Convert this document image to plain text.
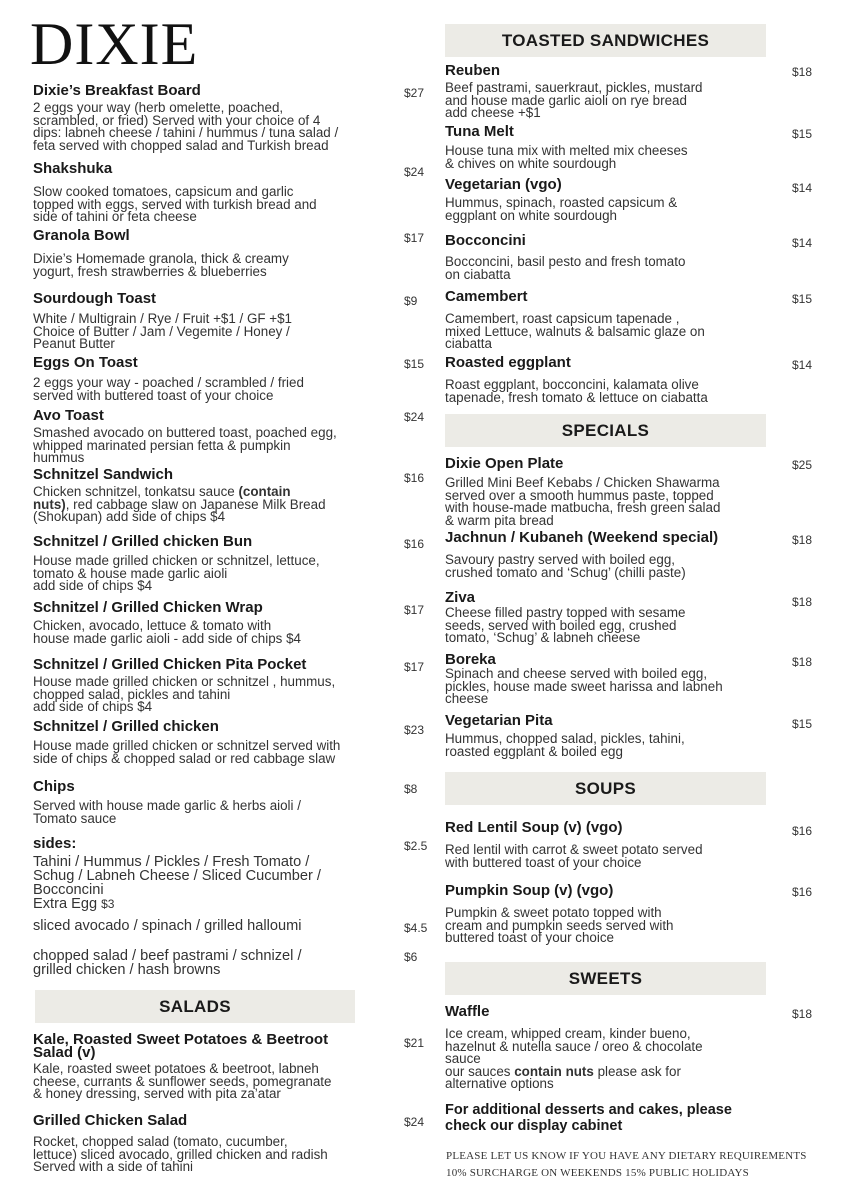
DIXIE
Dixie’s Breakfast Board
2 eggs your way (herb omelette, poached,
scrambled, or fried) Served with your choice of 4
dips: labneh cheese / tahini / hummus / tuna salad /
feta served with chopped salad and Turkish bread
$27
Shakshuka
Slow cooked tomatoes, capsicum and garlic
topped with eggs, served with turkish bread and
side of tahini or feta cheese
$24
Granola Bowl
Dixie’s Homemade granola, thick & creamy
yogurt, fresh strawberries & blueberries
$17
Sourdough Toast
White / Multigrain / Rye / Fruit +$1 / GF +$1
Choice of Butter / Jam / Vegemite / Honey /
Peanut Butter
$9
Eggs On Toast
2 eggs your way - poached / scrambled / fried
served with buttered toast of your choice
$15
Avo Toast
Smashed avocado on buttered toast, poached egg,
whipped marinated persian fetta & pumpkin
hummus
$24
Schnitzel Sandwich
Chicken schnitzel, tonkatsu sauce (contain
nuts), red cabbage slaw on Japanese Milk Bread
(Shokupan) add side of chips $4
$16
Schnitzel / Grilled chicken Bun
House made grilled chicken or schnitzel, lettuce,
tomato & house made garlic aioli
add side of chips $4
$16
Schnitzel / Grilled Chicken Wrap
Chicken, avocado, lettuce & tomato with
house made garlic aioli - add side of chips $4
$17
Schnitzel / Grilled Chicken Pita Pocket
House made grilled chicken or schnitzel , hummus,
chopped salad, pickles and tahini
add side of chips $4
$17
Schnitzel / Grilled chicken
House made grilled chicken or schnitzel served with
side of chips & chopped salad or red cabbage slaw
$23
Chips
Served with house made garlic & herbs aioli /
Tomato sauce
$8
sides:	$2.5
Tahini / Hummus / Pickles / Fresh Tomato /
Schug / Labneh Cheese / Sliced Cucumber /
Bocconcini
Extra Egg $3
sliced avocado / spinach / grilled halloumi	$4.5
chopped salad / beef pastrami / schnizel /
grilled chicken / hash browns
$6
SALADS
Kale, Roasted Sweet Potatoes & Beetroot
Salad (v)
Kale, roasted sweet potatoes & beetroot, labneh
cheese, currants & sunflower seeds, pomegranate
& honey dressing, served with pita za’atar
$21
Grilled Chicken Salad
Rocket, chopped salad (tomato, cucumber,
lettuce) sliced avocado, grilled chicken and radish
Served with a side of tahini
$24
TOASTED SANDWICHES
Reuben
Beef pastrami, sauerkraut, pickles, mustard
and house made garlic aioli on rye bread
add cheese +$1
$18
Tuna Melt
House tuna mix with melted mix cheeses
& chives on white sourdough
$15
Vegetarian (vgo)
Hummus, spinach, roasted capsicum &
eggplant on white sourdough
$14
Bocconcini
Bocconcini, basil pesto and fresh tomato
on ciabatta
$14
Camembert
Camembert, roast capsicum tapenade ,
mixed Lettuce, walnuts & balsamic glaze on
ciabatta
$15
Roasted eggplant
Roast eggplant, bocconcini, kalamata olive
tapenade, fresh tomato & lettuce on ciabatta
$14
SPECIALS
Dixie Open Plate
Grilled Mini Beef Kebabs / Chicken Shawarma
served over a smooth hummus paste, topped
with house-made matbucha, fresh green salad
& warm pita bread
$25
Jachnun / Kubaneh (Weekend special)
Savoury pastry served with boiled egg,
crushed tomato and ‘Schug’ (chilli paste)
$18
Ziva
Cheese filled pastry topped with sesame
seeds, served with boiled egg, crushed
tomato, ‘Schug’ & labneh cheese
$18
Boreka
Spinach and cheese served with boiled egg,
pickles, house made sweet harissa and labneh
cheese
$18
Vegetarian Pita
Hummus, chopped salad, pickles, tahini,
roasted eggplant & boiled egg
$15
SOUPS
Red Lentil Soup (v) (vgo)
Red lentil with carrot & sweet potato served
with buttered toast of your choice
$16
Pumpkin Soup (v) (vgo)
Pumpkin & sweet potato topped with
cream and pumpkin seeds served with
buttered toast of your choice
$16
SWEETS
Waffle
Ice cream, whipped cream, kinder bueno,
hazelnut & nutella sauce / oreo & chocolate
sauce
our sauces contain nuts please ask for
alternative options
$18
For additional desserts and cakes, please
check our display cabinet
PLEASE LET US KNOW IF YOU HAVE ANY DIETARY REQUIREMENTS
10% SURCHARGE ON WEEKENDS 15% PUBLIC HOLIDAYS
